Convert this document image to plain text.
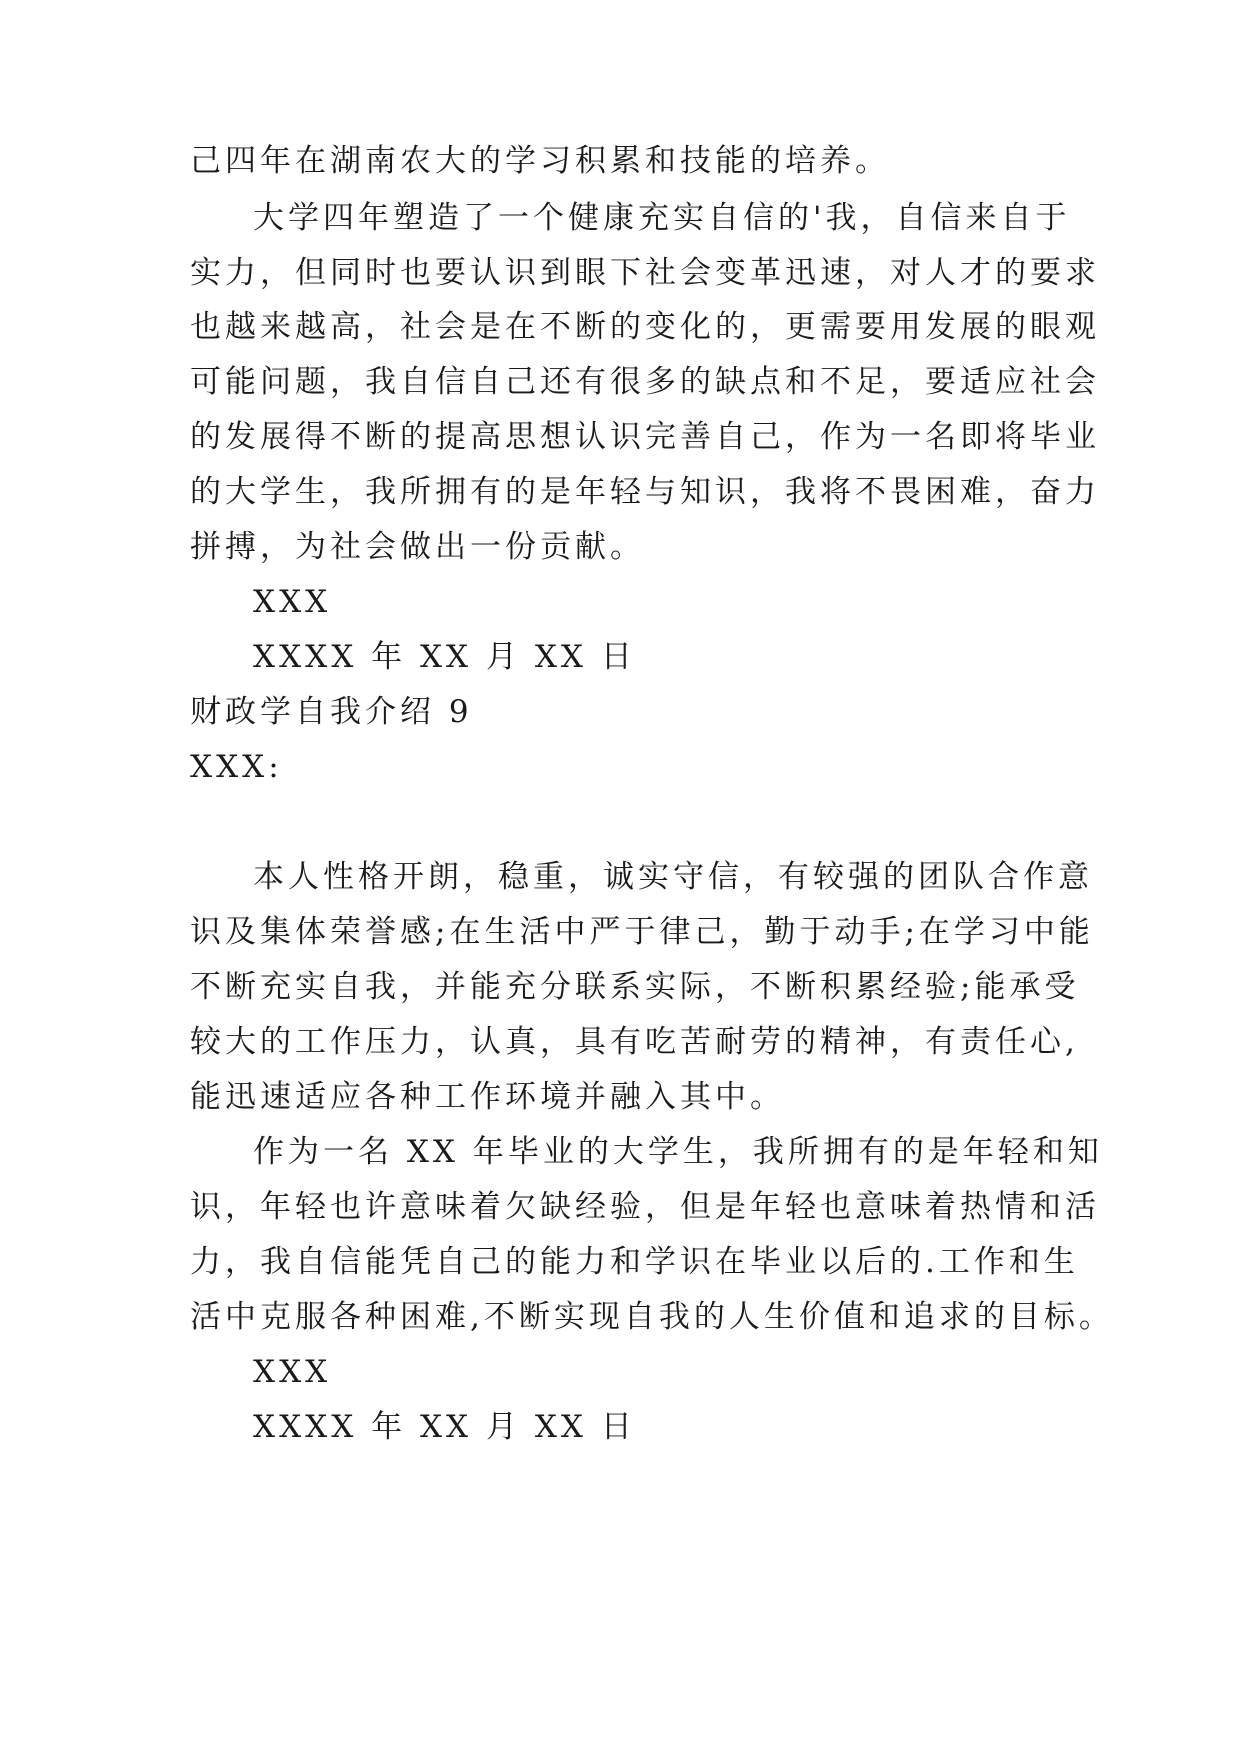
己四年在湖南农大的学习积累和技能的培养。
大学四年塑造了一个健康充实自信的'我，自信来自于
实力，但同时也要认识到眼下社会变革迅速，对人才的要求
也越来越高，社会是在不断的变化的，更需要用发展的眼观
可能问题，我自信自己还有很多的缺点和不足，要适应社会
的发展得不断的提高思想认识完善自己，作为一名即将毕业
的大学生，我所拥有的是年轻与知识，我将不畏困难，奋力
拼搏，为社会做出一份贡献。
XXX
XXXX 年 XX 月 XX 日
财政学自我介绍 9
XXX:
本人性格开朗，稳重，诚实守信，有较强的团队合作意
识及集体荣誉感;在生活中严于律己，勤于动手;在学习中能
不断充实自我，并能充分联系实际，不断积累经验;能承受
较大的工作压力，认真，具有吃苦耐劳的精神，有责任心,
能迅速适应各种工作环境并融入其中。
作为一名 XX 年毕业的大学生，我所拥有的是年轻和知
识，年轻也许意味着欠缺经验，但是年轻也意味着热情和活
力，我自信能凭自己的能力和学识在毕业以后的.工作和生
活中克服各种困难,不断实现自我的人生价值和追求的目标。
XXX
XXXX 年 XX 月 XX 日
